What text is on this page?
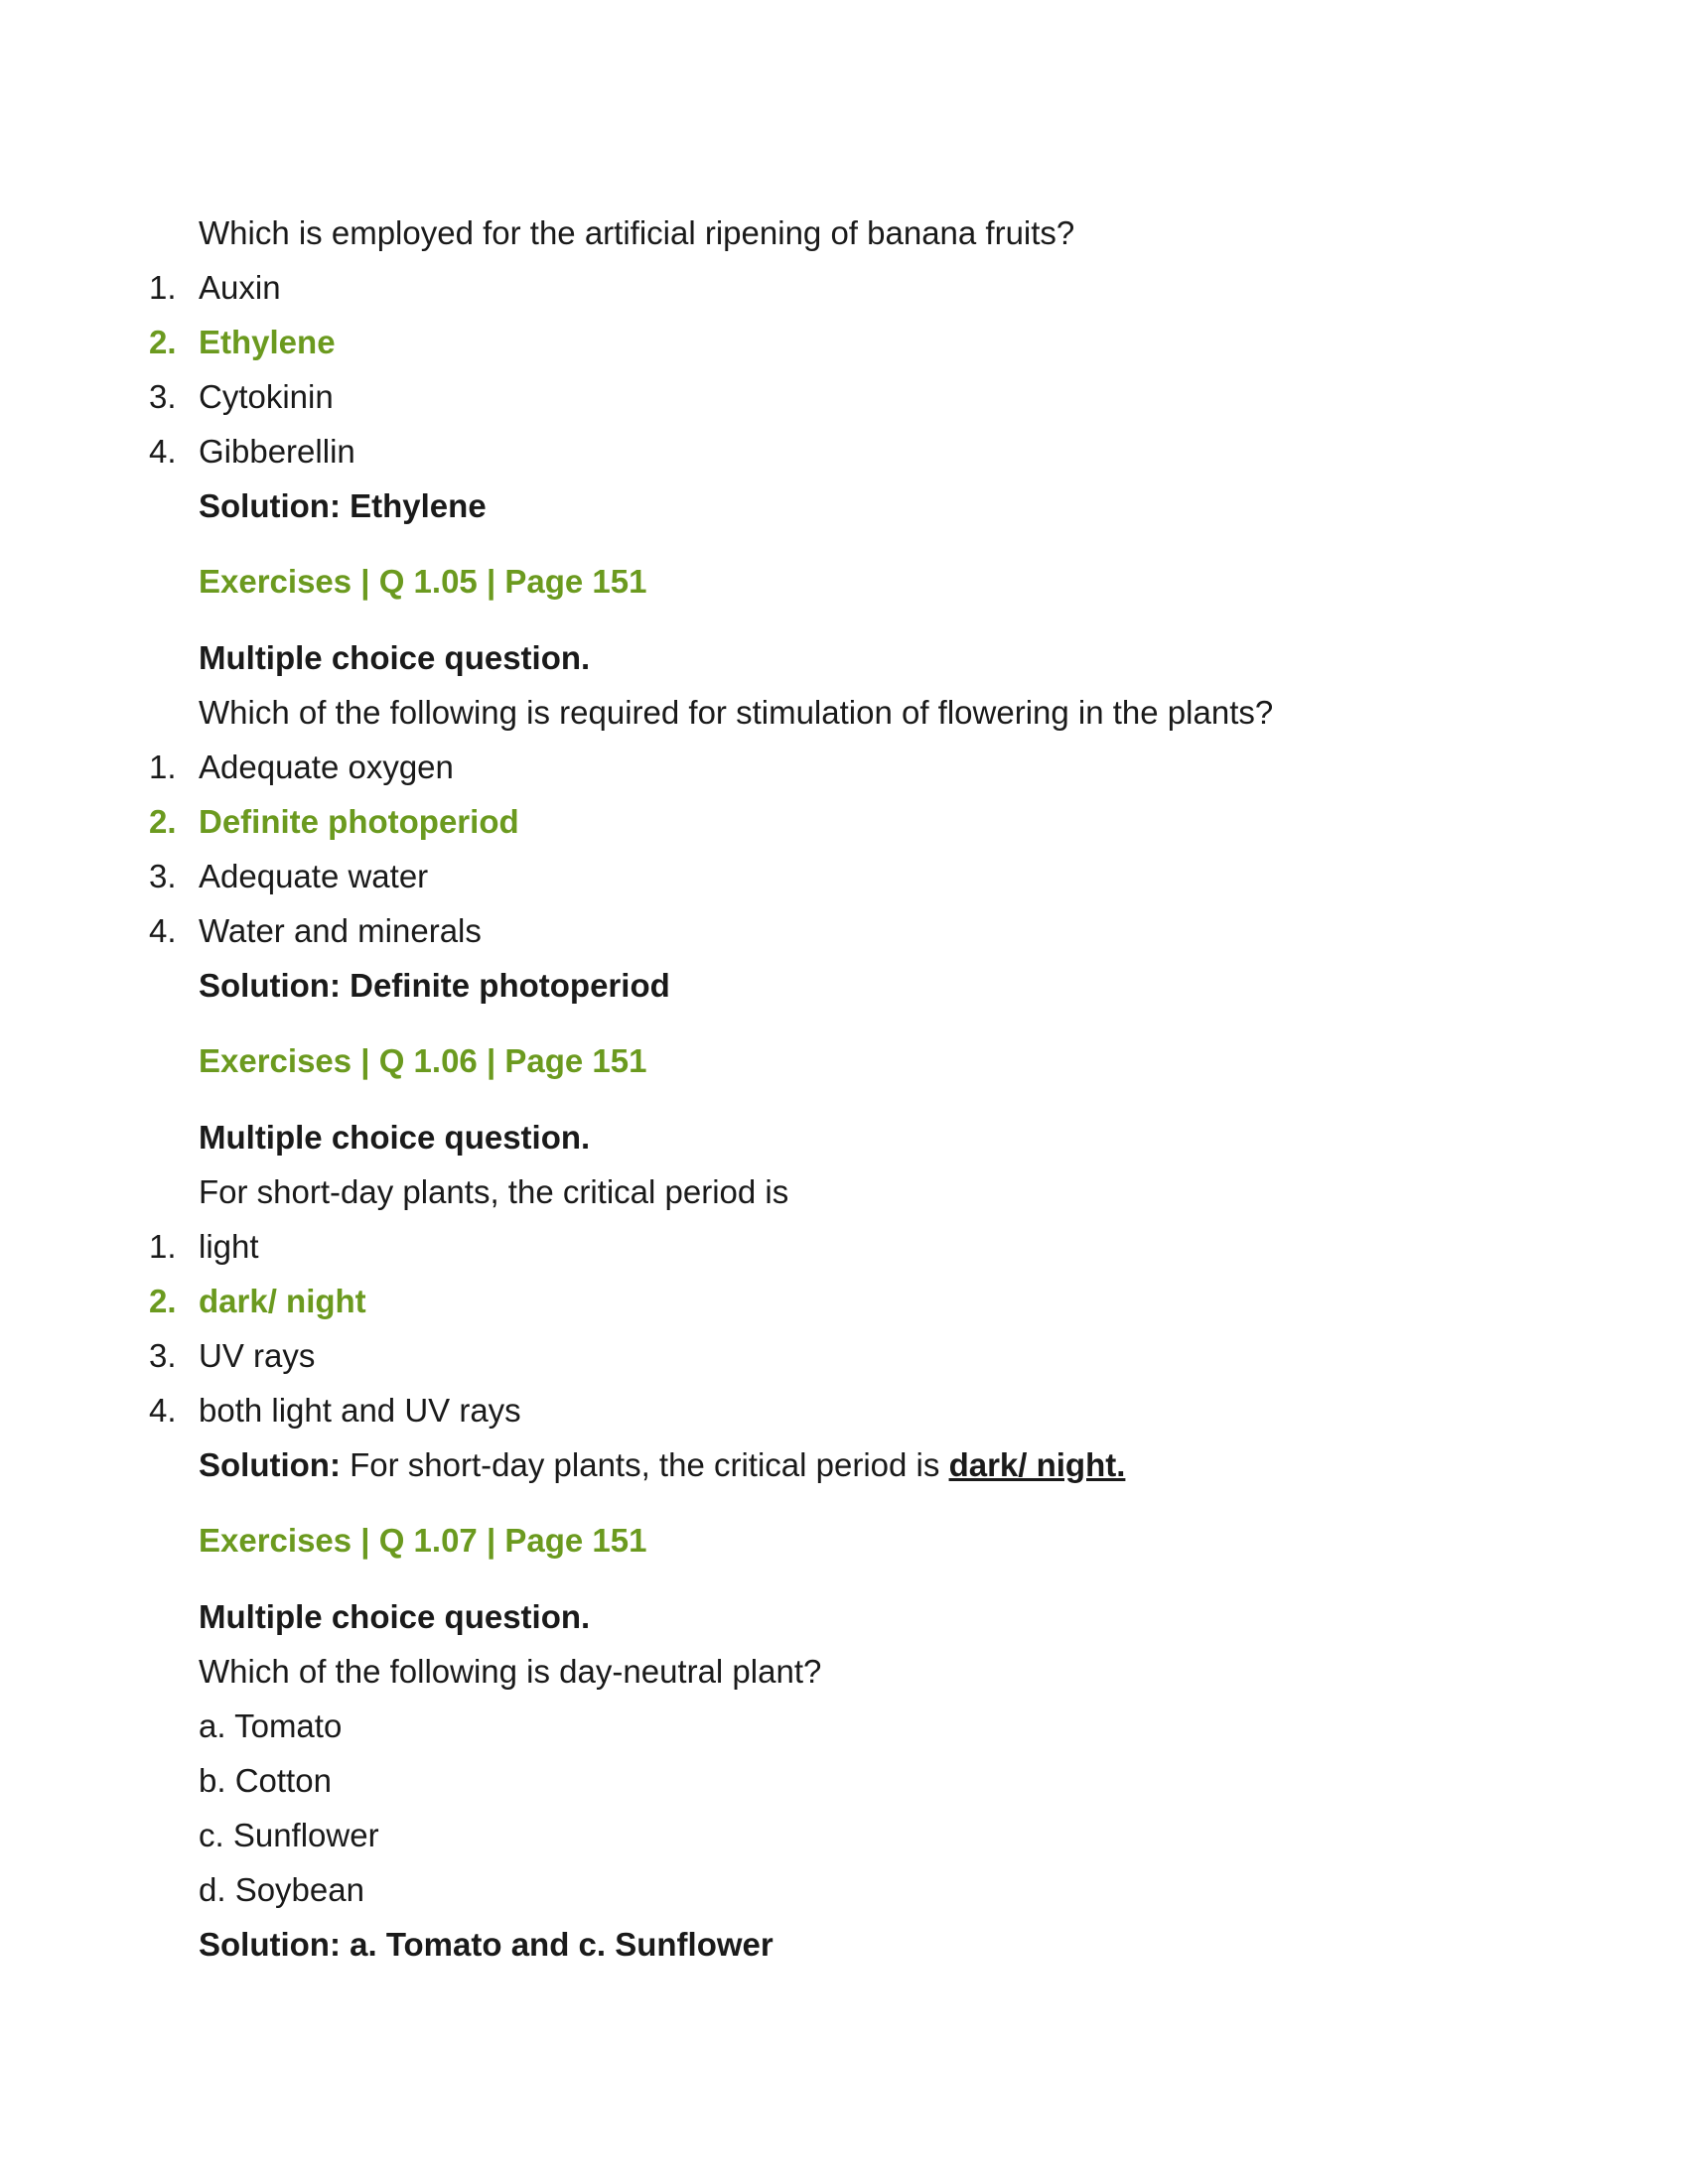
Which is employed for the artificial ripening of banana fruits?
1. Auxin
2. Ethylene
3. Cytokinin
4. Gibberellin
Solution: Ethylene
Exercises | Q 1.05 | Page 151
Multiple choice question.
Which of the following is required for stimulation of flowering in the plants?
1. Adequate oxygen
2. Definite photoperiod
3. Adequate water
4. Water and minerals
Solution: Definite photoperiod
Exercises | Q 1.06 | Page 151
Multiple choice question.
For short-day plants, the critical period is
1. light
2. dark/ night
3. UV rays
4. both light and UV rays
Solution: For short-day plants, the critical period is dark/ night.
Exercises | Q 1.07 | Page 151
Multiple choice question.
Which of the following is day-neutral plant?
a. Tomato
b. Cotton
c. Sunflower
d. Soybean
Solution: a. Tomato and c. Sunflower
